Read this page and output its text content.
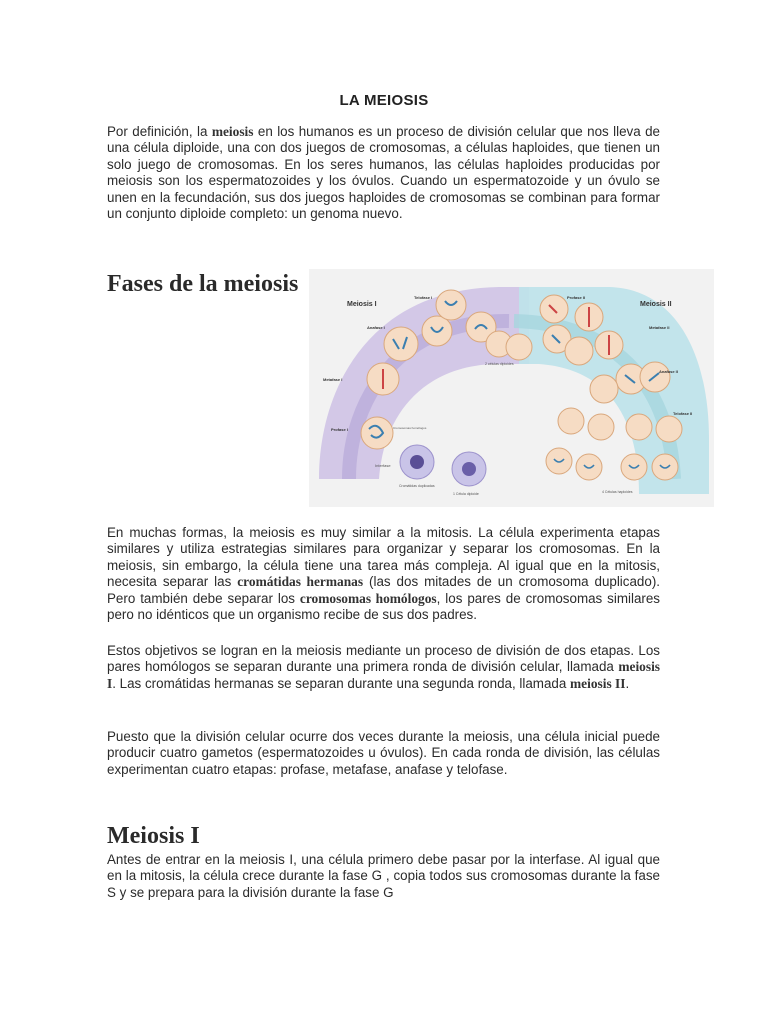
LA MEIOSIS

Por definición, la meiosis en los humanos es un proceso de división celular que nos lleva de una célula diploide, una con dos juegos de cromosomas, a células haploides, que tienen un solo juego de cromosomas. En los seres humanos, las células haploides producidas por meiosis son los espermatozoides y los óvulos. Cuando un espermatozoide y un óvulo se unen en la fecundación, sus dos juegos haploides de cromosomas se combinan para formar un conjunto diploide completo: un genoma nuevo.

Fases de la meiosis
Meiosis I	Meiosis II
Telofase I
Anafase I
Metafase I
Profase I
Interfase
Profase II
Metafase II
Anafase II
Telofase II
2 células diploides
Cromátidas duplicadas
1 Célula diploide	4 Células haploides
Cromosomas homólogos

En muchas formas, la meiosis es muy similar a la mitosis. La célula experimenta etapas similares y utiliza estrategias similares para organizar y separar los cromosomas. En la meiosis, sin embargo, la célula tiene una tarea más compleja. Al igual que en la mitosis, necesita separar las cromátidas hermanas (las dos mitades de un cromosoma duplicado). Pero también debe separar los cromosomas homólogos, los pares de cromosomas similares pero no idénticos que un organismo recibe de sus dos padres.

Estos objetivos se logran en la meiosis mediante un proceso de división de dos etapas. Los pares homólogos se separan durante una primera ronda de división celular, llamada meiosis I. Las cromátidas hermanas se separan durante una segunda ronda, llamada meiosis II.

Puesto que la división celular ocurre dos veces durante la meiosis, una célula inicial puede producir cuatro gametos (espermatozoides u óvulos). En cada ronda de división, las células experimentan cuatro etapas: profase, metafase, anafase y telofase.

Meiosis I

Antes de entrar en la meiosis I, una célula primero debe pasar por la interfase. Al igual que en la mitosis, la célula crece durante la fase G , copia todos sus cromosomas durante la fase S y se prepara para la división durante la fase G
